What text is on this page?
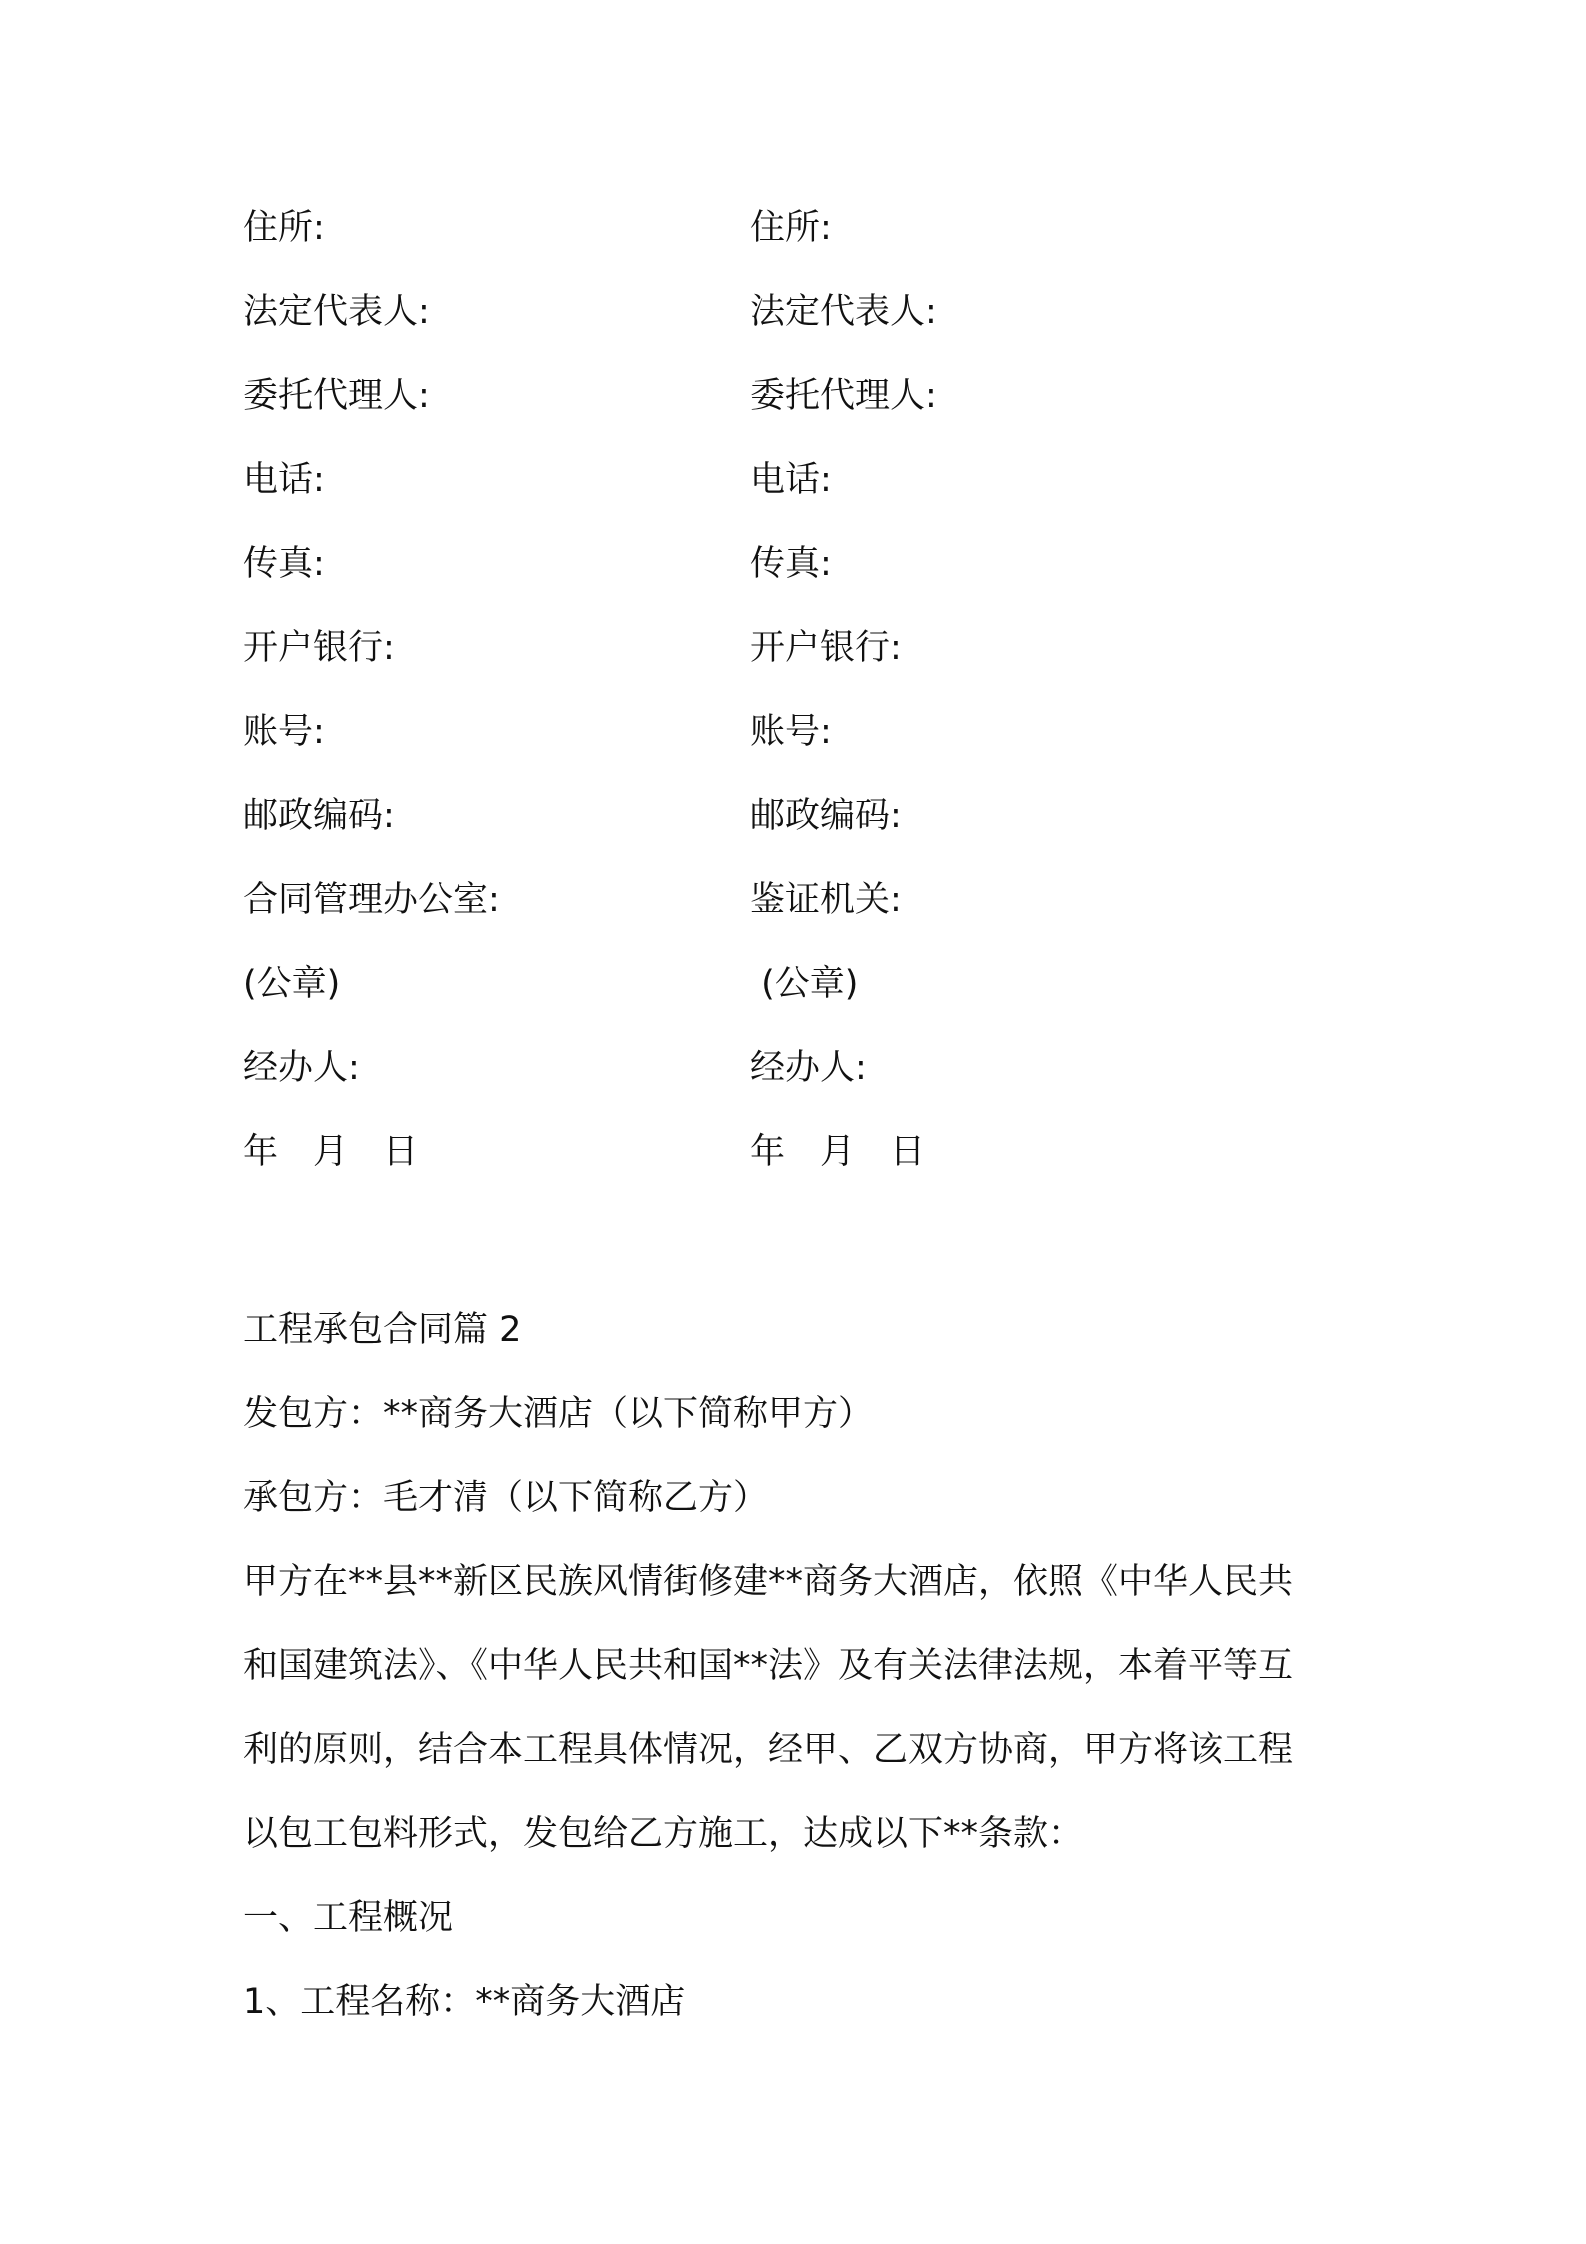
住所:	住所:
法定代表人:	法定代表人:
委托代理人:	委托代理人:
电话:	电话:
传真:	传真:
开户银行:	开户银行:
账号:	账号:
邮政编码:	邮政编码:
合同管理办公室:	鉴证机关:
(公章)	(公章)
经办人:	经办人:
年　月　日	年　月　日

工程承包合同篇 2

发包方：**商务大酒店（以下简称甲方）

承包方：毛才清（以下简称乙方）

甲方在**县**新区民族风情街修建**商务大酒店，依照《中华人民共

和国建筑法》、《中华人民共和国**法》及有关法律法规，本着平等互

利的原则，结合本工程具体情况，经甲、乙双方协商，甲方将该工程

以包工包料形式，发包给乙方施工，达成以下**条款：

一、工程概况

1、工程名称：**商务大酒店
